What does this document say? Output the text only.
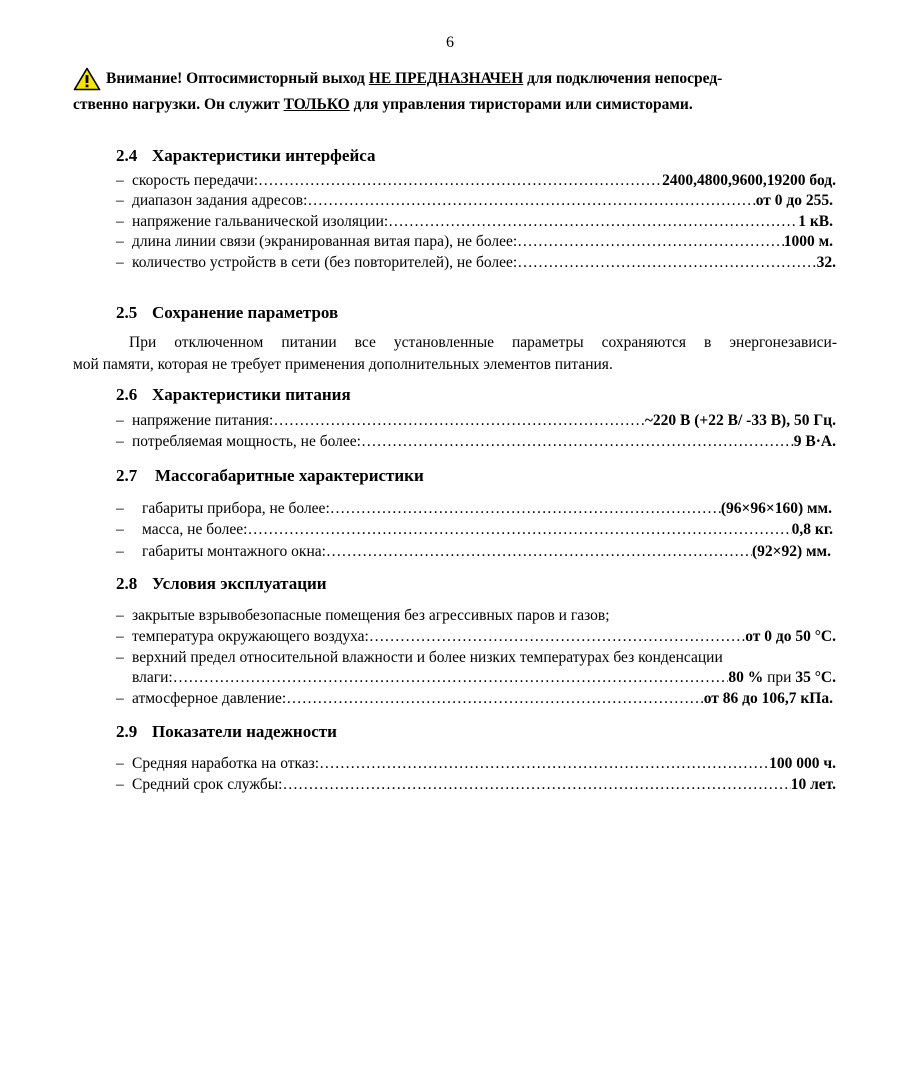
6
Внимание! Оптосимисторный выход
НЕ ПРЕДНАЗНАЧЕН
для подключения непосред-
ственно нагрузки. Он служит ТОЛЬКО для управления тиристорами или симисторами.
2.4 Характеристики интерфейса
– скорость передачи: …………………………………………………………………………………………………………………………………………………………	2400,4800,9600,19200 бод.
– диапазон задания адресов: …………………………………………………………………………………………………………………………………………………………	от 0 до 255.
– напряжение гальванической изоляции: …………………………………………………………………………………………………………………………………………………………	1 кВ.
– длина линии связи (экранированная витая пара), не более: …………………………………………………………………………………………………………………………………………………………	1000 м.
– количество устройств в сети (без повторителей), не более: …………………………………………………………………………………………………………………………………………………………	32.
2.5 Сохранение параметров
При отключенном питании все установленные параметры сохраняются в энергонезависи-
мой памяти, которая не требует применения дополнительных элементов питания.
2.6 Характеристики питания
– напряжение питания: …………………………………………………………………………………………………………………………………………………………	~220 В (+22 В/ -33 В), 50 Гц.
– потребляемая мощность, не более: …………………………………………………………………………………………………………………………………………………………	9 В·А.
2.7 Массогабаритные характеристики
–	габариты прибора, не более: …………………………………………………………………………………………………………………………………………………………	(96×96×160) мм.
–	масса, не более: …………………………………………………………………………………………………………………………………………………………	0,8 кг.
–	габариты монтажного окна: …………………………………………………………………………………………………………………………………………………………	(92×92) мм.
2.8 Условия эксплуатации
– закрытые взрывобезопасные помещения без агрессивных паров и газов;
– температура окружающего воздуха: …………………………………………………………………………………………………………………………………………………………	от 0 до 50 °С.
– верхний предел относительной влажности и более низких температурах без конденсации
влаги: …………………………………………………………………………………………………………………………………………………………	80 % при 35 °С.
– атмосферное давление: …………………………………………………………………………………………………………………………………………………………	от 86 до 106,7 кПа.
2.9 Показатели надежности
– Средняя наработка на отказ: …………………………………………………………………………………………………………………………………………………………	100 000 ч.
– Средний срок службы: …………………………………………………………………………………………………………………………………………………………	10 лет.
